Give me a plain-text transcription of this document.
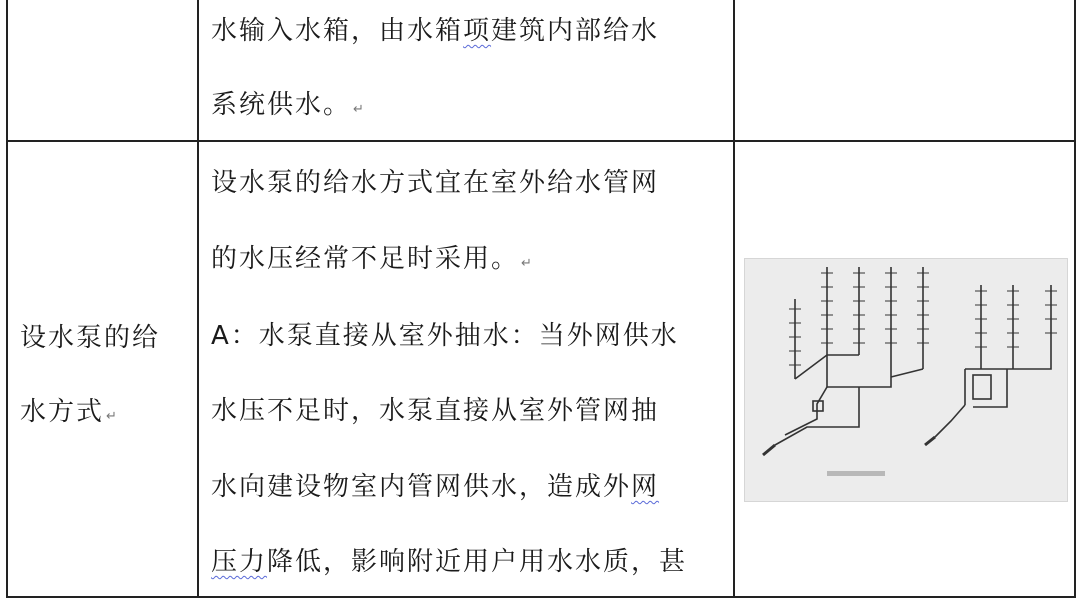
水输入水箱，由水箱项建筑内部给水
系统供水。 ↵
设水泵的给
水方式 ↵
设水泵的给水方式宜在室外给水管网
的水压经常不足时采用。 ↵
A：水泵直接从室外抽水：当外网供水
水压不足时，水泵直接从室外管网抽
水向建设物室内管网供水，造成外网
压力降低，影响附近用户用水水质，甚
